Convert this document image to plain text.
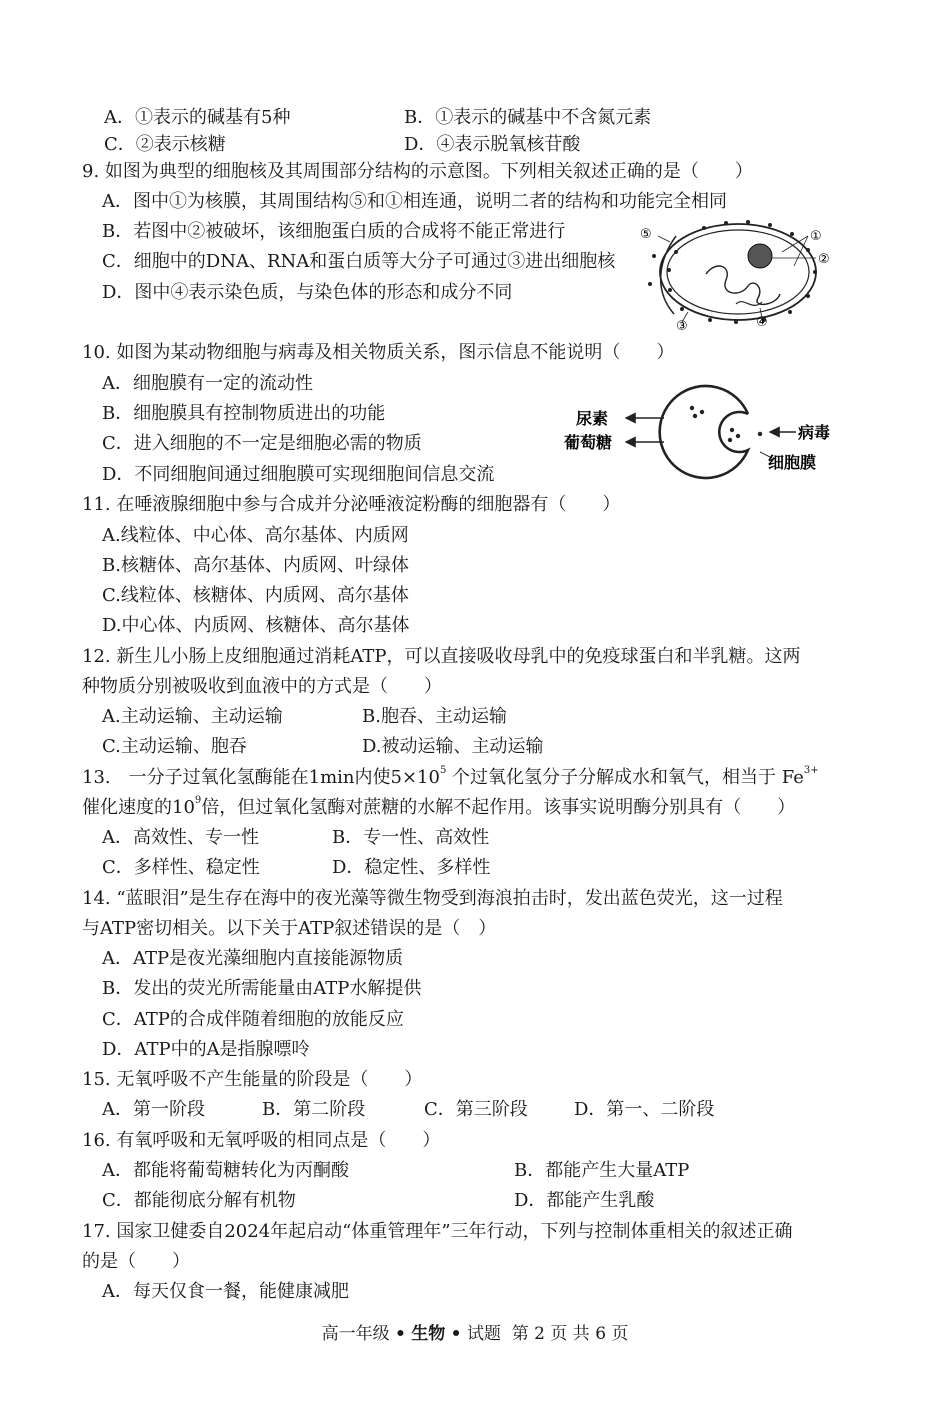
A．①表示的碱基有5种	B．①表示的碱基中不含氮元素
C．②表示核糖	D．④表示脱氧核苷酸
9. 如图为典型的细胞核及其周围部分结构的示意图。下列相关叙述正确的是（　　）
A．图中①为核膜，其周围结构⑤和①相连通，说明二者的结构和功能完全相同
B．若图中②被破坏，该细胞蛋白质的合成将不能正常进行
C．细胞中的DNA、RNA和蛋白质等大分子可通过③进出细胞核
D．图中④表示染色质，与染色体的形态和成分不同
①
②
③	④
⑤
10. 如图为某动物细胞与病毒及相关物质关系，图示信息不能说明（　　）
A．细胞膜有一定的流动性
B．细胞膜具有控制物质进出的功能
C．进入细胞的不一定是细胞必需的物质
D．不同细胞间通过细胞膜可实现细胞间信息交流
尿素
葡萄糖
病毒
细胞膜
11. 在唾液腺细胞中参与合成并分泌唾液淀粉酶的细胞器有（　　）
A.线粒体、中心体、高尔基体、内质网
B.核糖体、高尔基体、内质网、叶绿体
C.线粒体、核糖体、内质网、高尔基体
D.中心体、内质网、核糖体、高尔基体
12. 新生儿小肠上皮细胞通过消耗ATP，可以直接吸收母乳中的免疫球蛋白和半乳糖。这两
种物质分别被吸收到血液中的方式是（　　）
A.主动运输、主动运输	B.胞吞、主动运输
C.主动运输、胞吞	D.被动运输、主动运输
13.　一分子过氧化氢酶能在1min内使$5\times 10^5$ 个过氧化氢分子分解成水和氧气，相当于 $Fe^{3+}$
催化速度的$10^9$倍，但过氧化氢酶对蔗糖的水解不起作用。该事实说明酶分别具有（　　）
A．高效性、专一性	B．专一性、高效性
C．多样性、稳定性	D．稳定性、多样性
14. “蓝眼泪”是生存在海中的夜光藻等微生物受到海浪拍击时，发出蓝色荧光，这一过程
与ATP密切相关。以下关于ATP叙述错误的是（　）
A．ATP是夜光藻细胞内直接能源物质
B．发出的荧光所需能量由ATP水解提供
C．ATP的合成伴随着细胞的放能反应
D．ATP中的A是指腺嘌呤
15. 无氧呼吸不产生能量的阶段是（　　）
A．第一阶段	B．第二阶段	C．第三阶段	D．第一、二阶段
16. 有氧呼吸和无氧呼吸的相同点是（　　）
A．都能将葡萄糖转化为丙酮酸	B．都能产生大量ATP
C．都能彻底分解有机物	D．都能产生乳酸
17. 国家卫健委自2024年起启动“体重管理年”三年行动，下列与控制体重相关的叙述正确
的是（　　）
A．每天仅食一餐，能健康减肥
高一年级 • 生物 • 试题 第 2 页 共 6 页
